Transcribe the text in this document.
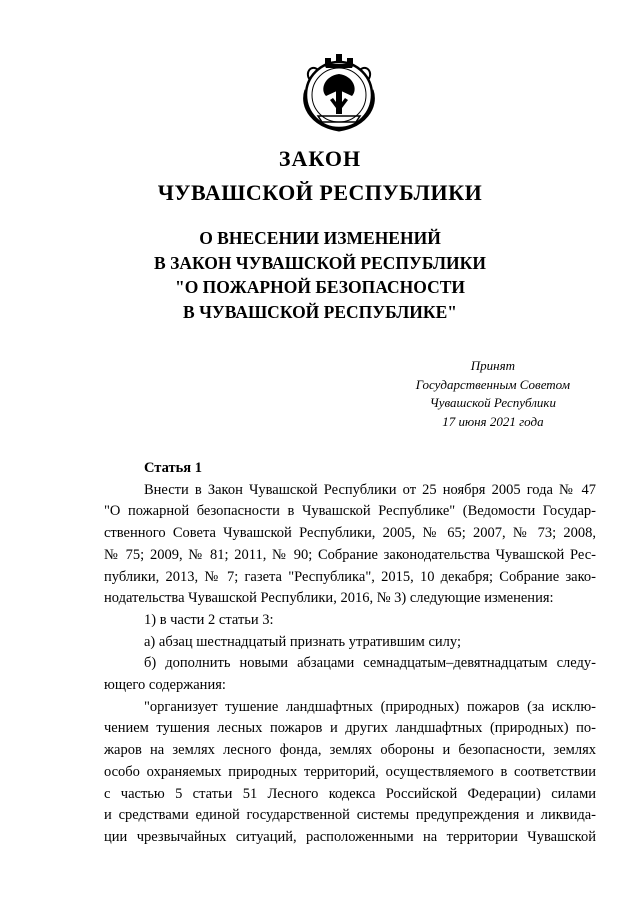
ЗАКОН
ЧУВАШСКОЙ РЕСПУБЛИКИ
О ВНЕСЕНИИ ИЗМЕНЕНИЙ
В ЗАКОН ЧУВАШСКОЙ РЕСПУБЛИКИ
"О ПОЖАРНОЙ БЕЗОПАСНОСТИ
В ЧУВАШСКОЙ РЕСПУБЛИКЕ"
Принят
Государственным Советом
Чувашской Республики
17 июня 2021 года
Статья 1
Внести в Закон Чувашской Республики от 25 ноября 2005 года № 47
"О пожарной безопасности в Чувашской Республике" (Ведомости Государ-
ственного Совета Чувашской Республики, 2005, № 65; 2007, № 73; 2008,
№ 75; 2009, № 81; 2011, № 90; Собрание законодательства Чувашской Рес-
публики, 2013, № 7; газета "Республика", 2015, 10 декабря; Собрание зако-
нодательства Чувашской Республики, 2016, № 3) следующие изменения:
1) в части 2 статьи 3:
а) абзац шестнадцатый признать утратившим силу;
б) дополнить новыми абзацами семнадцатым–девятнадцатым следу-
ющего содержания:
"организует тушение ландшафтных (природных) пожаров (за исклю-
чением тушения лесных пожаров и других ландшафтных (природных) по-
жаров на землях лесного фонда, землях обороны и безопасности, землях
особо охраняемых природных территорий, осуществляемого в соответствии
с частью 5 статьи 51 Лесного кодекса Российской Федерации) силами
и средствами единой государственной системы предупреждения и ликвида-
ции чрезвычайных ситуаций, расположенными на территории Чувашской
